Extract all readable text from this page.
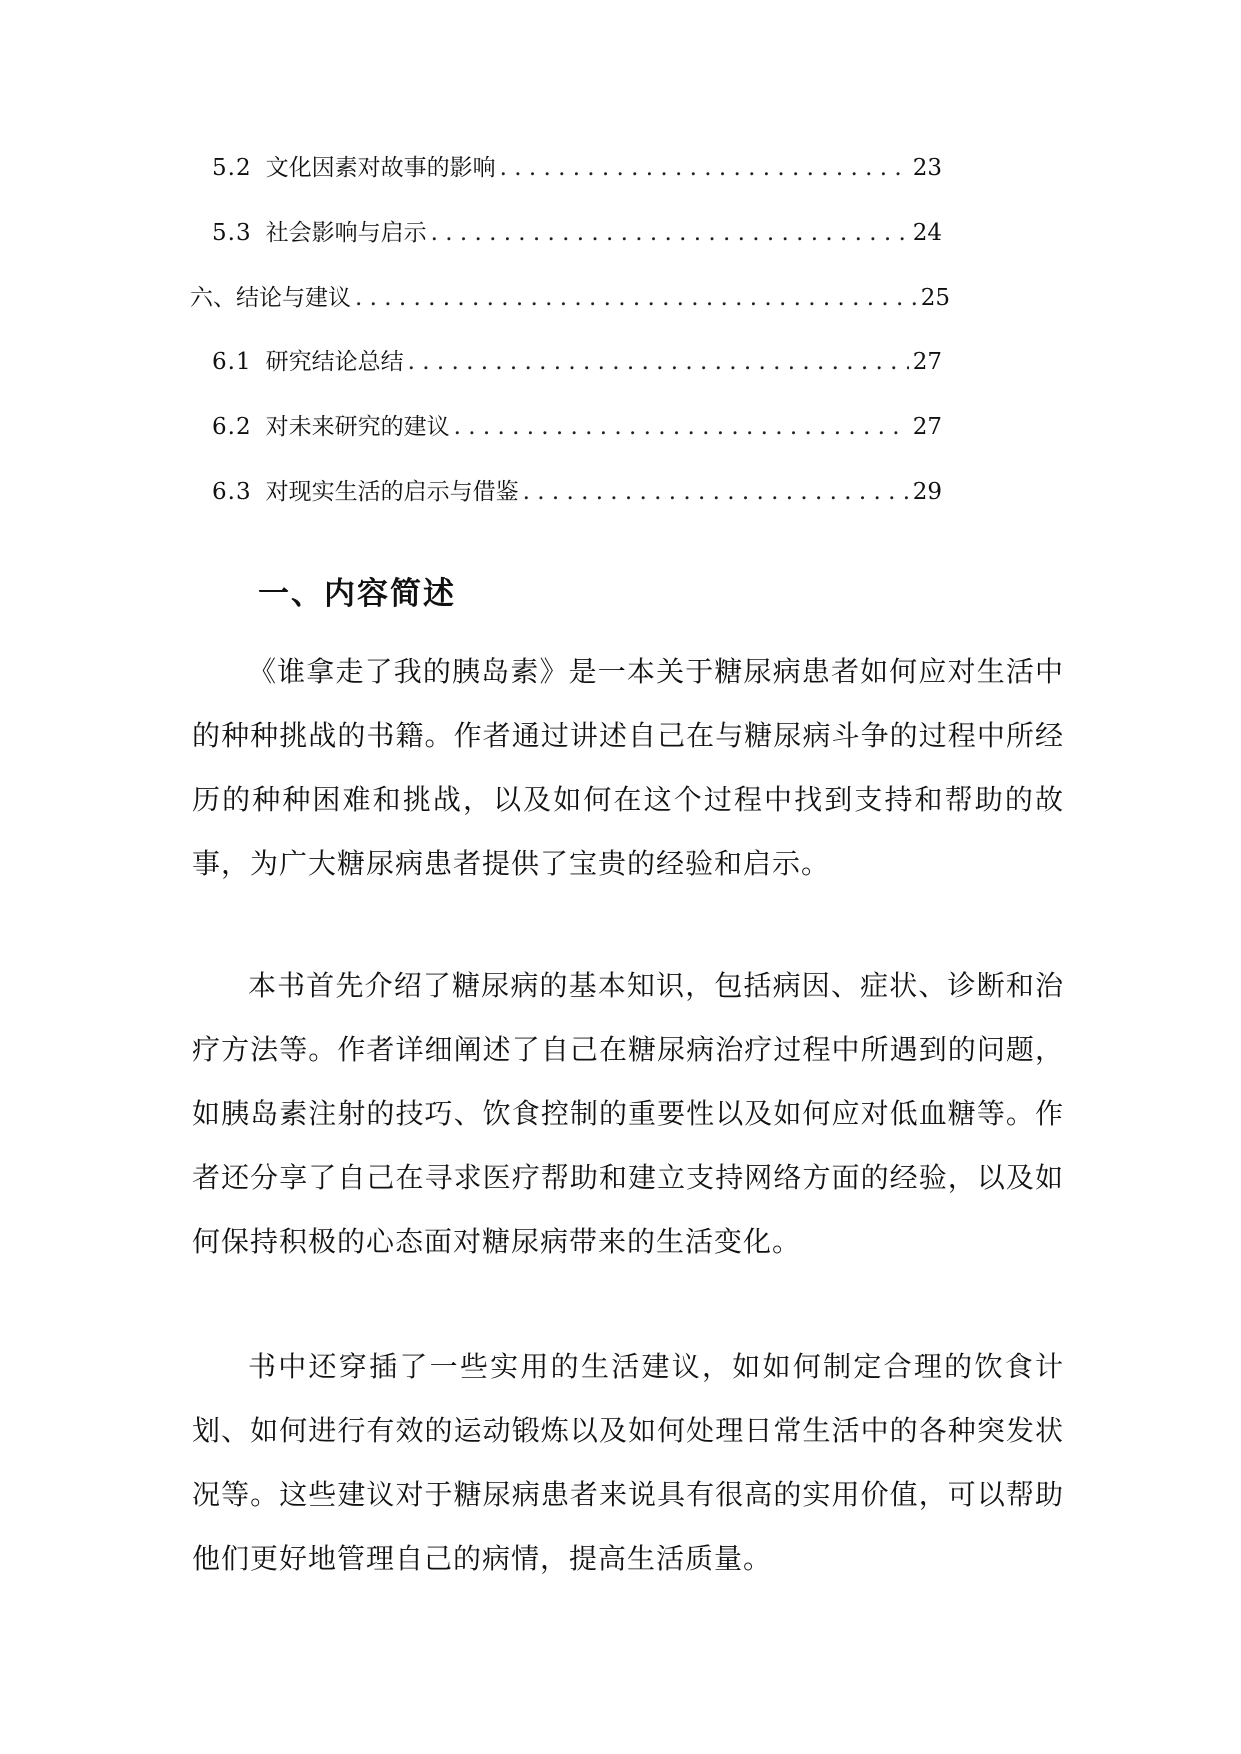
5.2 文化因素对故事的影响 . . .	23
5.3 社会影响与启示 . . .	24
六、结论与建议 . . .	25
6.1 研究结论总结 . . .	27
6.2 对未来研究的建议 . . .	27
6.3 对现实生活的启示与借鉴 . . .	29
一、内容简述

《谁拿走了我的胰岛素》是一本关于糖尿病患者如何应对生活中的种种挑战的书籍。作者通过讲述自己在与糖尿病斗争的过程中所经历的种种困难和挑战，以及如何在这个过程中找到支持和帮助的故事，为广大糖尿病患者提供了宝贵的经验和启示。

本书首先介绍了糖尿病的基本知识，包括病因、症状、诊断和治疗方法等。作者详细阐述了自己在糖尿病治疗过程中所遇到的问题，如胰岛素注射的技巧、饮食控制的重要性以及如何应对低血糖等。作者还分享了自己在寻求医疗帮助和建立支持网络方面的经验，以及如何保持积极的心态面对糖尿病带来的生活变化。

书中还穿插了一些实用的生活建议，如如何制定合理的饮食计划、如何进行有效的运动锻炼以及如何处理日常生活中的各种突发状况等。这些建议对于糖尿病患者来说具有很高的实用价值，可以帮助他们更好地管理自己的病情，提高生活质量。
